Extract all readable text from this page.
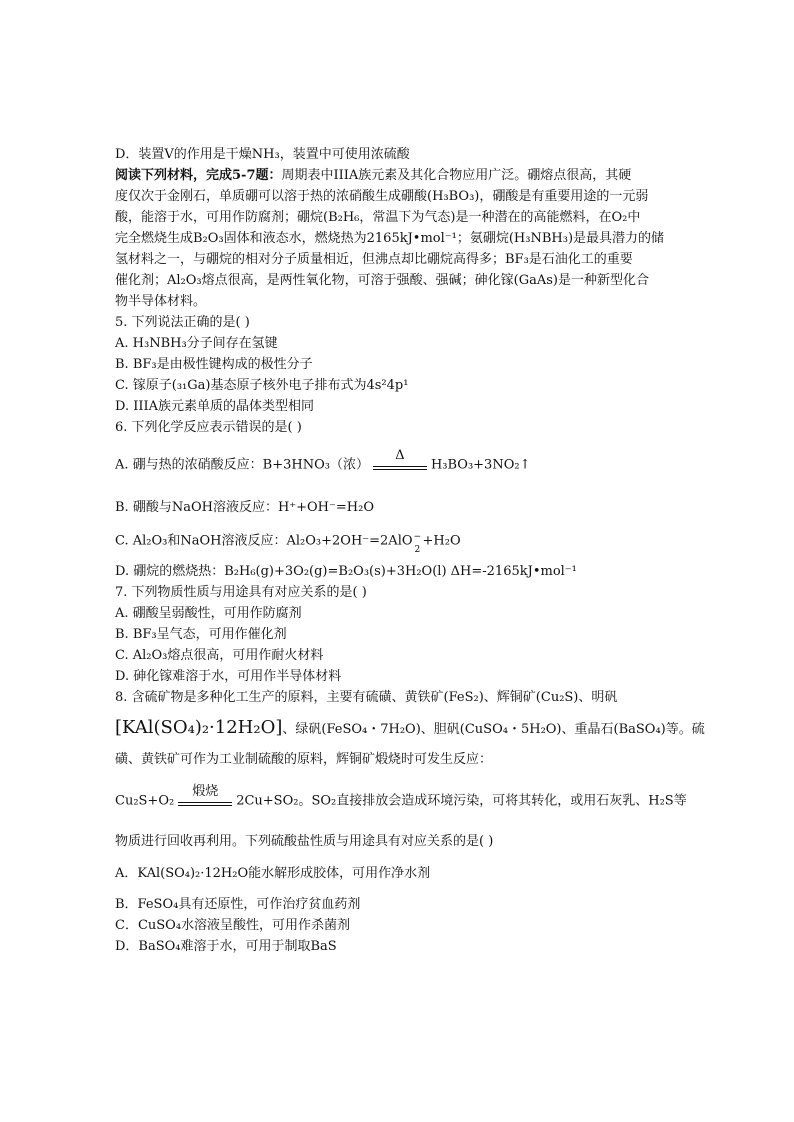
D．装置V的作用是干燥NH₃，装置中可使用浓硫酸
阅读下列材料，完成5-7题：周期表中IIIA族元素及其化合物应用广泛。硼熔点很高，其硬
度仅次于金刚石，单质硼可以溶于热的浓硝酸生成硼酸(H₃BO₃)，硼酸是有重要用途的一元弱
酸，能溶于水，可用作防腐剂；硼烷(B₂H₆，常温下为气态)是一种潜在的高能燃料，在O₂中
完全燃烧生成B₂O₃固体和液态水，燃烧热为2165kJ•mol⁻¹；氨硼烷(H₃NBH₃)是最具潜力的储
氢材料之一，与硼烷的相对分子质量相近，但沸点却比硼烷高得多；BF₃是石油化工的重要
催化剂；Al₂O₃熔点很高，是两性氧化物，可溶于强酸、强碱；砷化镓(GaAs)是一种新型化合
物半导体材料。
5. 下列说法正确的是( )
A. H₃NBH₃分子间存在氢键
B. BF₃是由极性键构成的极性分子
C. 镓原子(₃₁Ga)基态原子核外电子排布式为4s²4p¹
D. IIIA族元素单质的晶体类型相同
6. 下列化学反应表示错误的是( )
A. 硼与热的浓硝酸反应：B+3HNO₃（浓）
Δ
H₃BO₃+3NO₂↑
B. 硼酸与NaOH溶液反应：H⁺+OH⁻=H₂O
C. Al₂O₃和NaOH溶液反应：Al₂O₃+2OH⁻=2AlO −
2
+H₂O
D. 硼烷的燃烧热：B₂H₆(g)+3O₂(g)=B₂O₃(s)+3H₂O(l) ΔH=-2165kJ•mol⁻¹
7. 下列物质性质与用途具有对应关系的是( )
A. 硼酸呈弱酸性，可用作防腐剂
B. BF₃呈气态，可用作催化剂
C. Al₂O₃熔点很高，可用作耐火材料
D. 砷化镓难溶于水，可用作半导体材料
8. 含硫矿物是多种化工生产的原料，主要有硫磺、黄铁矿(FeS₂)、辉铜矿(Cu₂S)、明矾
[KAl(SO₄)₂·12H₂O]、绿矾(FeSO₄・7H₂O)、胆矾(CuSO₄・5H₂O)、重晶石(BaSO₄)等。硫
磺、黄铁矿可作为工业制硫酸的原料，辉铜矿煅烧时可发生反应：
Cu₂S+O₂
煅烧
2Cu+SO₂。SO₂直接排放会造成环境污染，可将其转化，或用石灰乳、H₂S等
物质进行回收再利用。下列硫酸盐性质与用途具有对应关系的是( )
A．KAl(SO₄)₂·12H₂O能水解形成胶体，可用作净水剂
B．FeSO₄具有还原性，可作治疗贫血药剂
C．CuSO₄水溶液呈酸性，可用作杀菌剂
D．BaSO₄难溶于水，可用于制取BaS
